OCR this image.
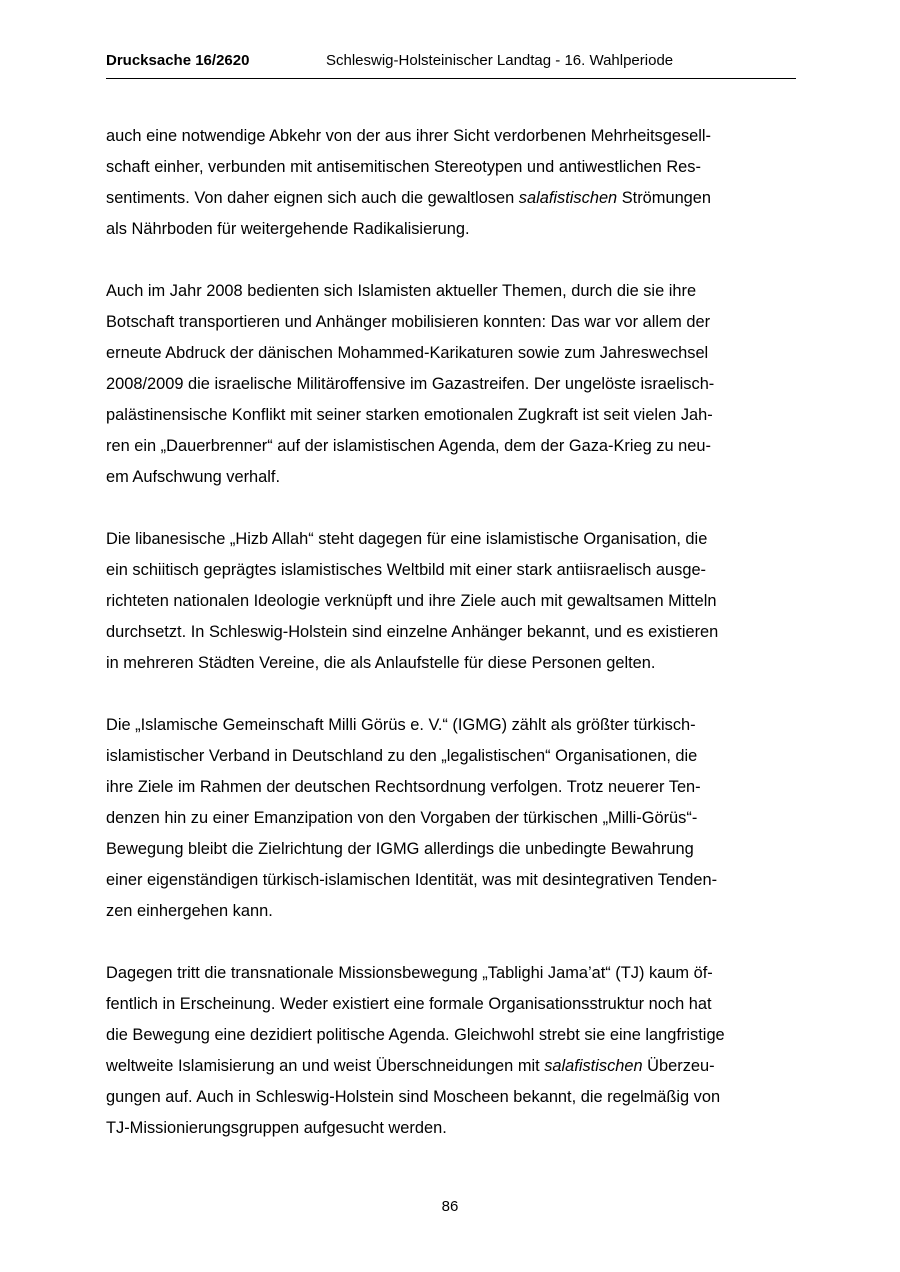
Drucksache 16/2620	Schleswig-Holsteinischer Landtag - 16. Wahlperiode

auch eine notwendige Abkehr von der aus ihrer Sicht verdorbenen Mehrheitsgesell-
schaft einher, verbunden mit antisemitischen Stereotypen und antiwestlichen Res-
sentiments. Von daher eignen sich auch die gewaltlosen salafistischen Strömungen
als Nährboden für weitergehende Radikalisierung.

Auch im Jahr 2008 bedienten sich Islamisten aktueller Themen, durch die sie ihre
Botschaft transportieren und Anhänger mobilisieren konnten: Das war vor allem der
erneute Abdruck der dänischen Mohammed-Karikaturen sowie zum Jahreswechsel
2008/2009 die israelische Militäroffensive im Gazastreifen. Der ungelöste israelisch-
palästinensische Konflikt mit seiner starken emotionalen Zugkraft ist seit vielen Jah-
ren ein „Dauerbrenner“ auf der islamistischen Agenda, dem der Gaza-Krieg zu neu-
em Aufschwung verhalf.

Die libanesische „Hizb Allah“ steht dagegen für eine islamistische Organisation, die
ein schiitisch geprägtes islamistisches Weltbild mit einer stark antiisraelisch ausge-
richteten nationalen Ideologie verknüpft und ihre Ziele auch mit gewaltsamen Mitteln
durchsetzt. In Schleswig-Holstein sind einzelne Anhänger bekannt, und es existieren
in mehreren Städten Vereine, die als Anlaufstelle für diese Personen gelten.

Die „Islamische Gemeinschaft Milli Görüs e. V.“ (IGMG) zählt als größter türkisch-
islamistischer Verband in Deutschland zu den „legalistischen“ Organisationen, die
ihre Ziele im Rahmen der deutschen Rechtsordnung verfolgen. Trotz neuerer Ten-
denzen hin zu einer Emanzipation von den Vorgaben der türkischen „Milli-Görüs“-
Bewegung bleibt die Zielrichtung der IGMG allerdings die unbedingte Bewahrung
einer eigenständigen türkisch-islamischen Identität, was mit desintegrativen Tenden-
zen einhergehen kann.

Dagegen tritt die transnationale Missionsbewegung „Tablighi Jama’at“ (TJ) kaum öf-
fentlich in Erscheinung. Weder existiert eine formale Organisationsstruktur noch hat
die Bewegung eine dezidiert politische Agenda. Gleichwohl strebt sie eine langfristige
weltweite Islamisierung an und weist Überschneidungen mit salafistischen Überzeu-
gungen auf. Auch in Schleswig-Holstein sind Moscheen bekannt, die regelmäßig von
TJ-Missionierungsgruppen aufgesucht werden.

86
